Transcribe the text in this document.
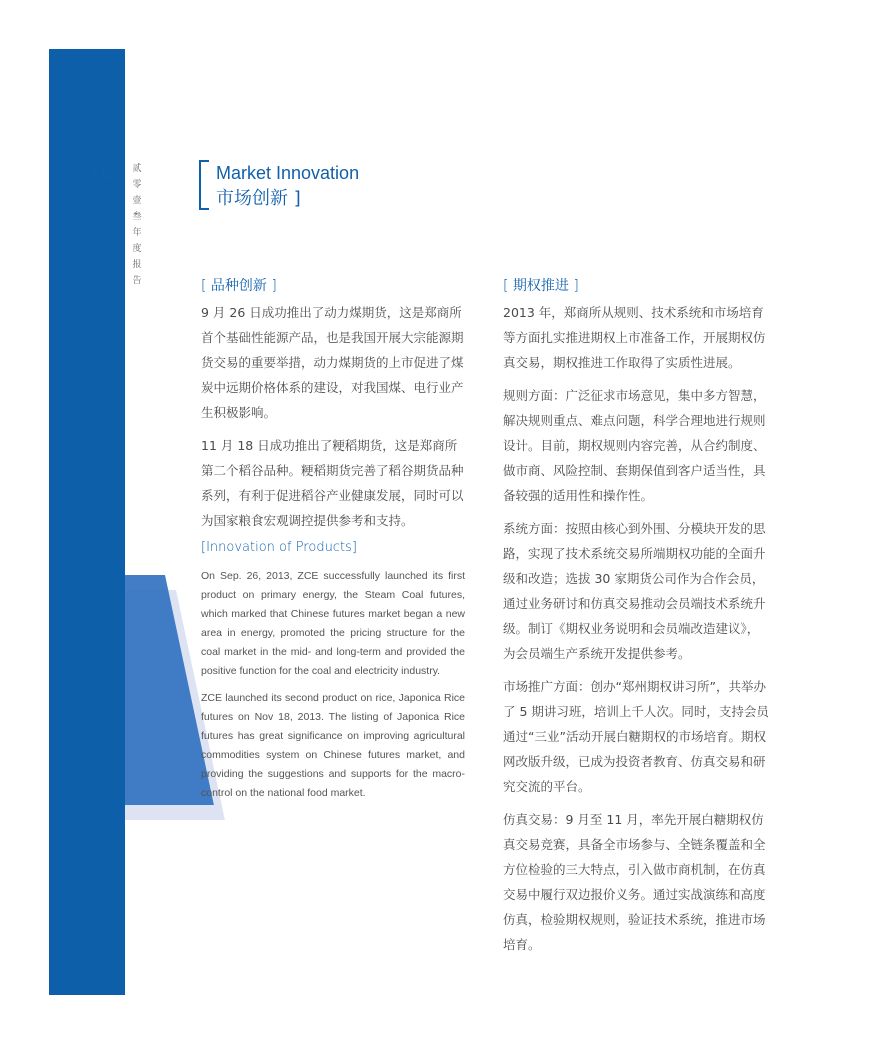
16 贰
零
壹
叁
年
度
报
告
Market Innovation
市场创新 ]
[ 品种创新 ]

9 月 26 日成功推出了动力煤期货，这是郑商所首个基础性能源产品，也是我国开展大宗能源期货交易的重要举措，动力煤期货的上市促进了煤炭中远期价格体系的建设，对我国煤、电行业产生积极影响。

11 月 18 日成功推出了粳稻期货，这是郑商所第二个稻谷品种。粳稻期货完善了稻谷期货品种系列，有利于促进稻谷产业健康发展，同时可以为国家粮食宏观调控提供参考和支持。

[Innovation of Products]

On Sep. 26, 2013, ZCE successfully launched its first product on primary energy, the Steam Coal futures, which marked that Chinese futures market began a new area in energy, promoted the pricing structure for the coal market in the mid- and long-term and provided the positive function for the coal and electricity industry.

ZCE launched its second product on rice, Japonica Rice futures on Nov 18, 2013. The listing of Japonica Rice futures has great significance on improving agricultural commodities system on Chinese futures market, and providing the suggestions and supports for the macro-control on the national food market.

[ 期权推进 ]

2013 年，郑商所从规则、技术系统和市场培育等方面扎实推进期权上市准备工作，开展期权仿真交易，期权推进工作取得了实质性进展。

规则方面：广泛征求市场意见，集中多方智慧，解决规则重点、难点问题，科学合理地进行规则设计。目前，期权规则内容完善，从合约制度、做市商、风险控制、套期保值到客户适当性，具备较强的适用性和操作性。

系统方面：按照由核心到外围、分模块开发的思路，实现了技术系统交易所端期权功能的全面升级和改造；选拔 30 家期货公司作为合作会员，通过业务研讨和仿真交易推动会员端技术系统升级。制订《期权业务说明和会员端改造建议》，为会员端生产系统开发提供参考。

市场推广方面：创办“郑州期权讲习所”，共举办了 5 期讲习班，培训上千人次。同时，支持会员通过“三业”活动开展白糖期权的市场培育。期权网改版升级，已成为投资者教育、仿真交易和研究交流的平台。

仿真交易：9 月至 11 月，率先开展白糖期权仿真交易竞赛，具备全市场参与、全链条覆盖和全方位检验的三大特点，引入做市商机制，在仿真交易中履行双边报价义务。通过实战演练和高度仿真，检验期权规则，验证技术系统，推进市场培育。
